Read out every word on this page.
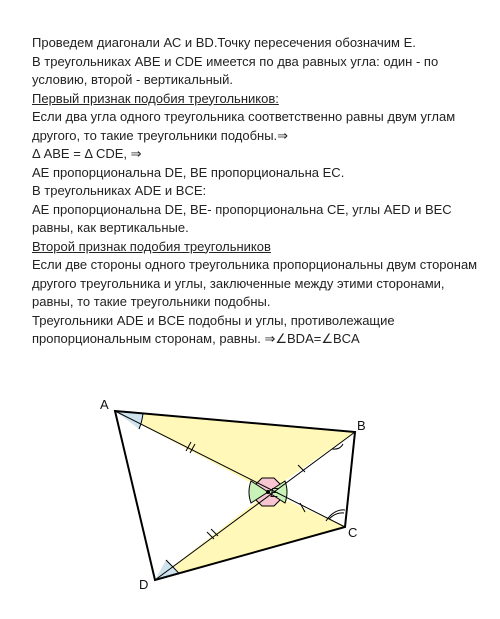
Проведем диагонали АС и BD.Точку пересечения обозначим E.
В треугольниках АВЕ и CDE имеется по два равных угла: один - по
условию, второй - вертикальный.
Первый признак подобия треугольников:
Если два угла одного треугольника соответственно равны двум углам
другого, то такие треугольники подобны.⇒
Δ ABE = Δ CDE, ⇒
AE пропорциональна DE, BE пропорциональна EC.
В треугольниках ADE и BCE:
AE пропорциональна DE, BE- пропорциональна CE, углы AED и BEC
равны, как вертикальные.
Второй признак подобия треугольников
Если две стороны одного треугольника пропорциональны двум сторонам
другого треугольника и углы, заключенные между этими сторонами,
равны, то такие треугольники подобны.
Треугольники ADE и BCE подобны и углы, противолежащие
пропорциональным сторонам, равны. ⇒∠BDA=∠BCA
A
B
C
D
E
